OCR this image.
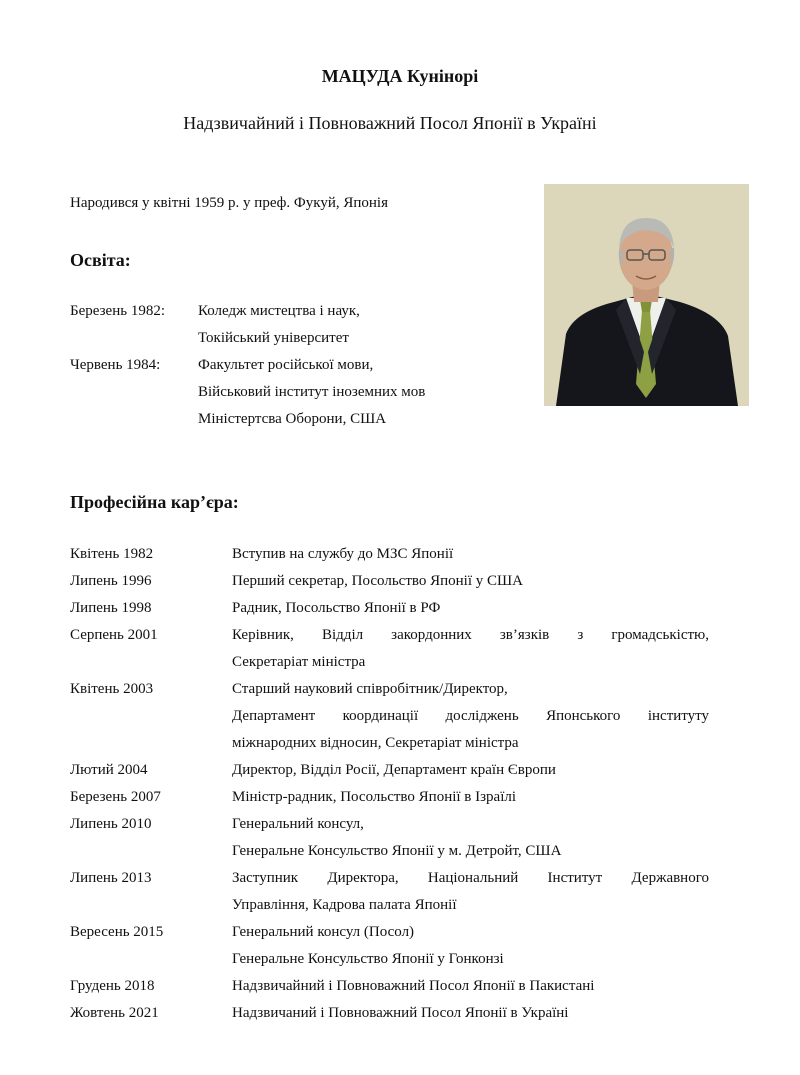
МАЦУДА Кунінорі
Надзвичайний і Повноважний Посол Японії в Україні
Народився у квітні 1959 р. у преф. Фукуй, Японія
Освіта:
Березень 1982: Коледж мистецтва і наук,
Токійський університет
Червень 1984:	Факультет російської мови,
Військовий інститут іноземних мов
Міністертсва Оборони, США
Професійна кар’єра:
Квітень 1982	Вступив на службу до МЗС Японії
Липень 1996	Перший секретар, Посольство Японії у США
Липень 1998	Радник, Посольство Японії в РФ
Серпень 2001	Керівник, Відділ закордонних зв’язків з громадськістю,
Секретаріат міністра
Квітень 2003	Старший науковий співробітник/Директор,
Департамент координації досліджень Японського інституту
міжнародних відносин, Секретаріат міністра
Лютий 2004	Директор, Відділ Росії, Департамент країн Європи
Березень 2007	Міністр-радник, Посольство Японії в Ізраїлі
Липень 2010	Генеральний консул,
Генеральне Консульство Японії у м. Детройт, США
Липень 2013	Заступник Директора, Національний Інститут Державного
Управління, Кадрова палата Японії
Вересень 2015	Генеральний консул (Посол)
Генеральне Консульство Японії у Гонконзі
Грудень 2018	Надзвичайний і Повноважний Посол Японії в Пакистані
Жовтень 2021	Надзвичаний і Повноважний Посол Японії в Україні
